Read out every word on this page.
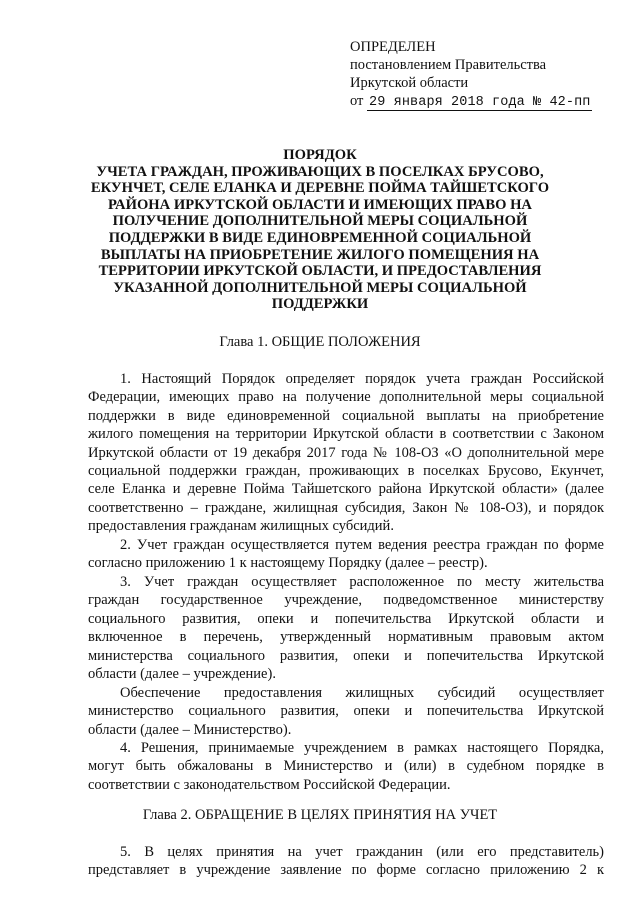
ОПРЕДЕЛЕН
постановлением Правительства
Иркутской области
от 29 января 2018 года № 42-пп
ПОРЯДОК
УЧЕТА ГРАЖДАН, ПРОЖИВАЮЩИХ В ПОСЕЛКАХ БРУСОВО,
ЕКУНЧЕТ, СЕЛЕ ЕЛАНКА И ДЕРЕВНЕ ПОЙМА ТАЙШЕТСКОГО
РАЙОНА ИРКУТСКОЙ ОБЛАСТИ И ИМЕЮЩИХ ПРАВО НА
ПОЛУЧЕНИЕ ДОПОЛНИТЕЛЬНОЙ МЕРЫ СОЦИАЛЬНОЙ
ПОДДЕРЖКИ В ВИДЕ ЕДИНОВРЕМЕННОЙ СОЦИАЛЬНОЙ
ВЫПЛАТЫ НА ПРИОБРЕТЕНИЕ ЖИЛОГО ПОМЕЩЕНИЯ НА
ТЕРРИТОРИИ ИРКУТСКОЙ ОБЛАСТИ, И ПРЕДОСТАВЛЕНИЯ
УКАЗАННОЙ ДОПОЛНИТЕЛЬНОЙ МЕРЫ СОЦИАЛЬНОЙ
ПОДДЕРЖКИ
Глава 1. ОБЩИЕ ПОЛОЖЕНИЯ
1. Настоящий Порядок определяет порядок учета граждан Российской
Федерации, имеющих право на получение дополнительной меры социальной
поддержки в виде единовременной социальной выплаты на приобретение
жилого помещения на территории Иркутской области в соответствии с Законом
Иркутской области от 19 декабря 2017 года № 108-ОЗ «О дополнительной мере
социальной поддержки граждан, проживающих в поселках Брусово, Екунчет,
селе Еланка и деревне Пойма Тайшетского района Иркутской области» (далее
соответственно – граждане, жилищная субсидия, Закон № 108-ОЗ), и порядок
предоставления гражданам жилищных субсидий.
2. Учет граждан осуществляется путем ведения реестра граждан по форме
согласно приложению 1 к настоящему Порядку (далее – реестр).
3. Учет граждан осуществляет расположенное по месту жительства
граждан государственное учреждение, подведомственное министерству
социального развития, опеки и попечительства Иркутской области и
включенное в перечень, утвержденный нормативным правовым актом
министерства социального развития, опеки и попечительства Иркутской
области (далее – учреждение).
Обеспечение предоставления жилищных субсидий осуществляет
министерство социального развития, опеки и попечительства Иркутской
области (далее – Министерство).
4. Решения, принимаемые учреждением в рамках настоящего Порядка,
могут быть обжалованы в Министерство и (или) в судебном порядке в
соответствии с законодательством Российской Федерации.
Глава 2. ОБРАЩЕНИЕ В ЦЕЛЯХ ПРИНЯТИЯ НА УЧЕТ
5. В целях принятия на учет гражданин (или его представитель)
представляет в учреждение заявление по форме согласно приложению 2 к
